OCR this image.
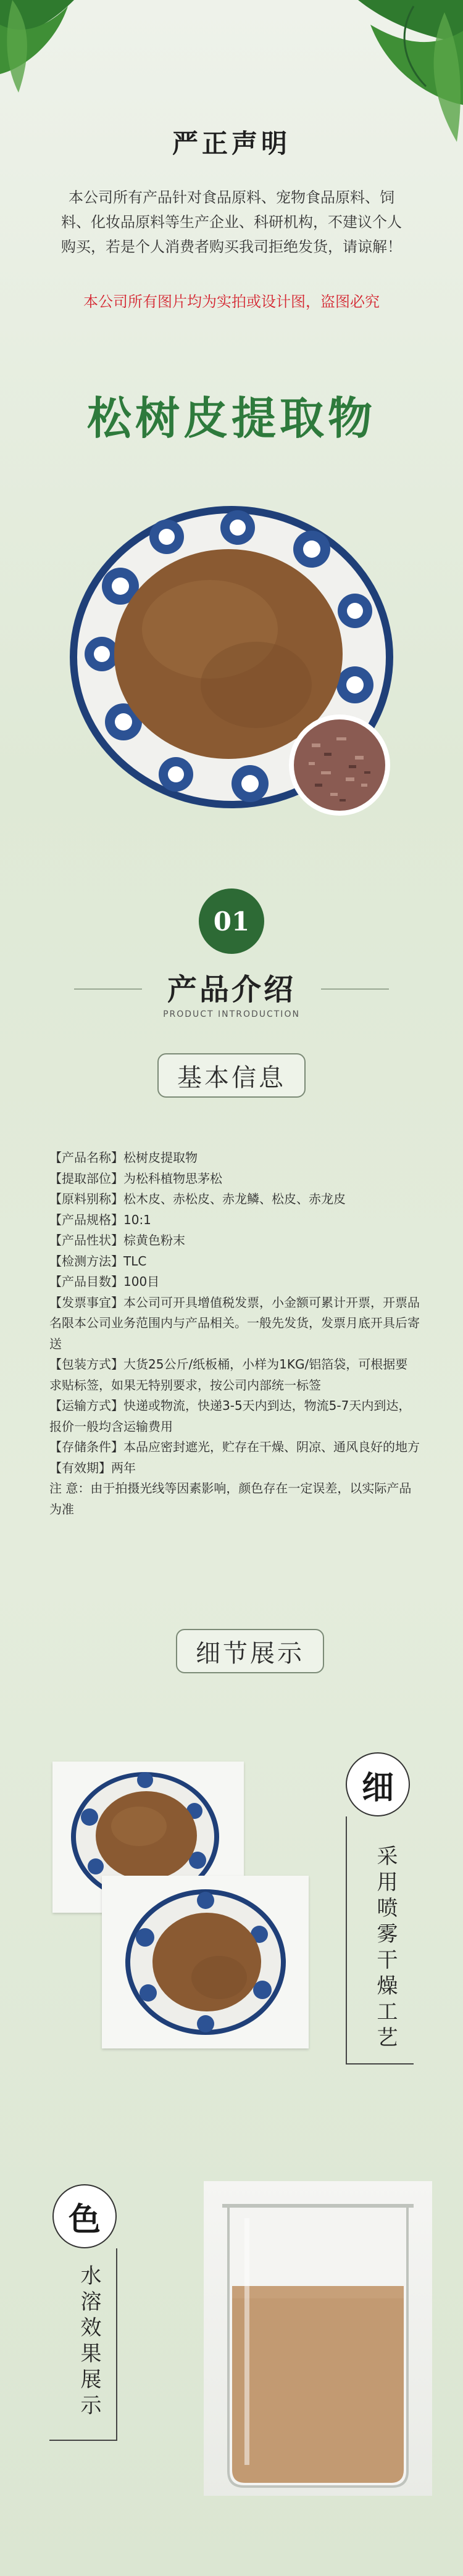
严正声明
本公司所有产品针对食品原料、宠物食品原料、饲料、化妆品原料等生产企业、科研机构，不建议个人购买，若是个人消费者购买我司拒绝发货，请谅解！
本公司所有图片均为实拍或设计图，盗图必究
松树皮提取物
01
产品介绍
PRODUCT INTRODUCTION
基本信息

【产品名称】松树皮提取物

【提取部位】为松科植物思茅松

【原料别称】松木皮、赤松皮、赤龙鳞、松皮、赤龙皮

【产品规格】10:1

【产品性状】棕黄色粉末

【检测方法】TLC

【产品目数】100目

【发票事宜】本公司可开具增值税发票，小金额可累计开票，开票品名限本公司业务范围内与产品相关。一般先发货，发票月底开具后寄送

【包装方式】大货25公斤/纸板桶，小样为1KG/铝箔袋，可根据要求贴标签，如果无特别要求，按公司内部统一标签

【运输方式】快递或物流，快递3-5天内到达，物流5-7天内到达，报价一般均含运输费用

【存储条件】本品应密封遮光，贮存在干燥、阴凉、通风良好的地方

【有效期】两年

注 意：由于拍摄光线等因素影响，颜色存在一定误差，以实际产品为准

细节展示
细
采用喷雾干燥工艺
色
水溶效果展示
